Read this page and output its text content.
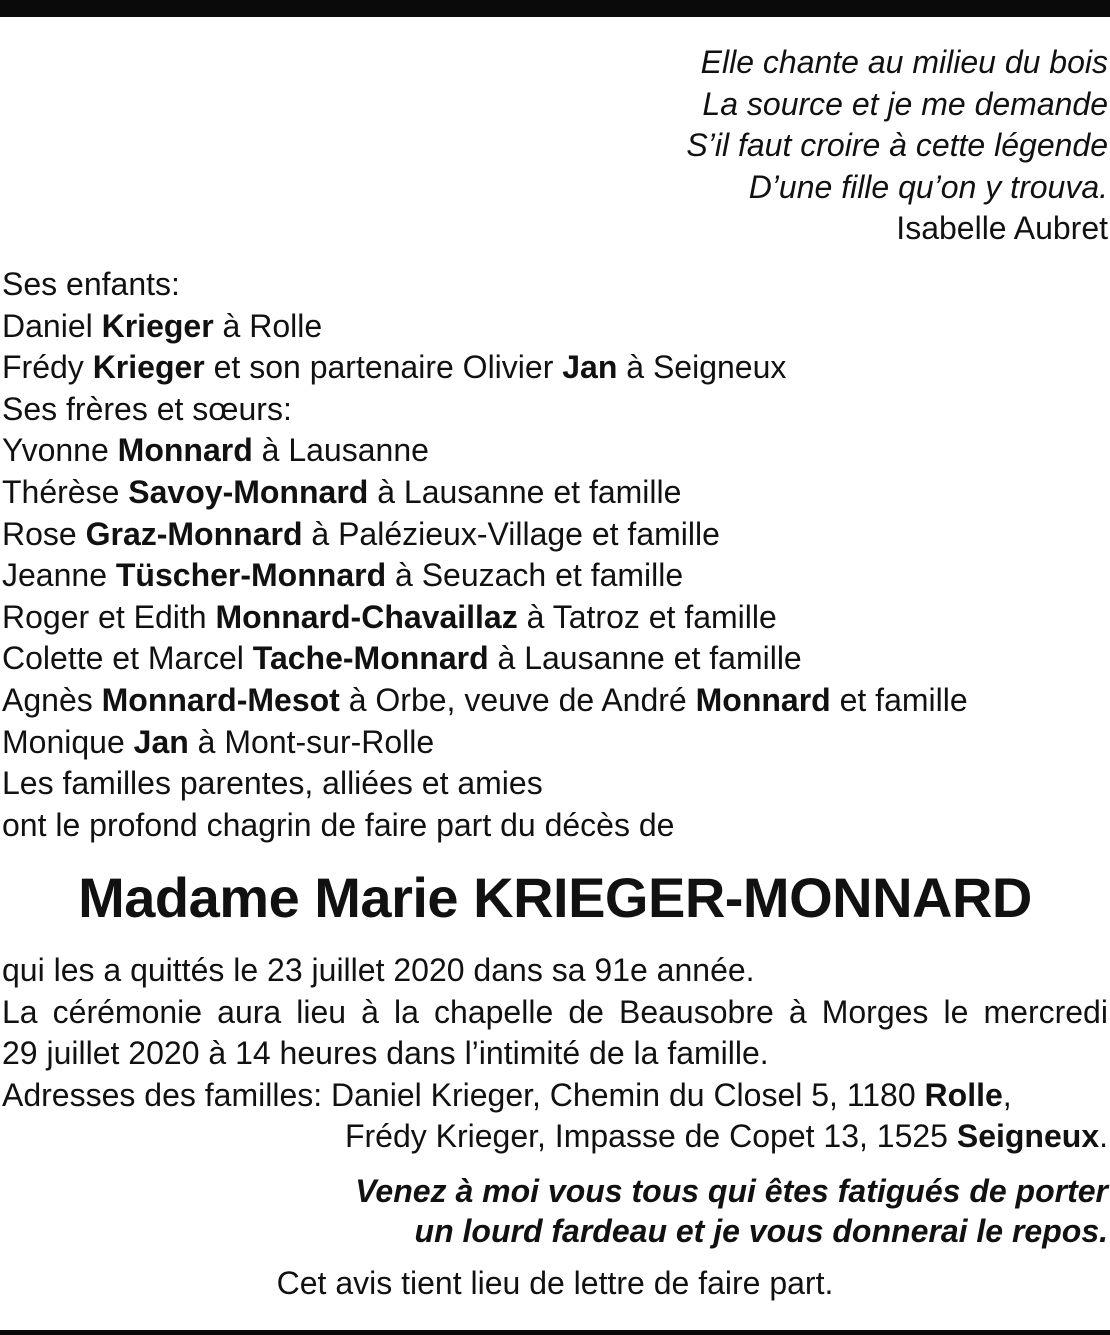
Elle chante au milieu du bois
La source et je me demande
S’il faut croire à cette légende
D’une fille qu’on y trouva.
Isabelle Aubret
Ses enfants:
Daniel Krieger à Rolle
Frédy Krieger et son partenaire Olivier Jan à Seigneux
Ses frères et sœurs:
Yvonne Monnard à Lausanne
Thérèse Savoy-Monnard à Lausanne et famille
Rose Graz-Monnard à Palézieux-Village et famille
Jeanne Tüscher-Monnard à Seuzach et famille
Roger et Edith Monnard-Chavaillaz à Tatroz et famille
Colette et Marcel Tache-Monnard à Lausanne et famille
Agnès Monnard-Mesot à Orbe, veuve de André Monnard et famille
Monique Jan à Mont-sur-Rolle
Les familles parentes, alliées et amies
ont le profond chagrin de faire part du décès de
Madame Marie KRIEGER-MONNARD
qui les a quittés le 23 juillet 2020 dans sa 91e année.
La cérémonie aura lieu à la chapelle de Beausobre à Morges le mercredi
29 juillet 2020 à 14 heures dans l’intimité de la famille.
Adresses des familles: Daniel Krieger, Chemin du Closel 5, 1180 Rolle,
Frédy Krieger, Impasse de Copet 13, 1525 Seigneux.
Venez à moi vous tous qui êtes fatigués de porter
un lourd fardeau et je vous donnerai le repos.
Cet avis tient lieu de lettre de faire part.
